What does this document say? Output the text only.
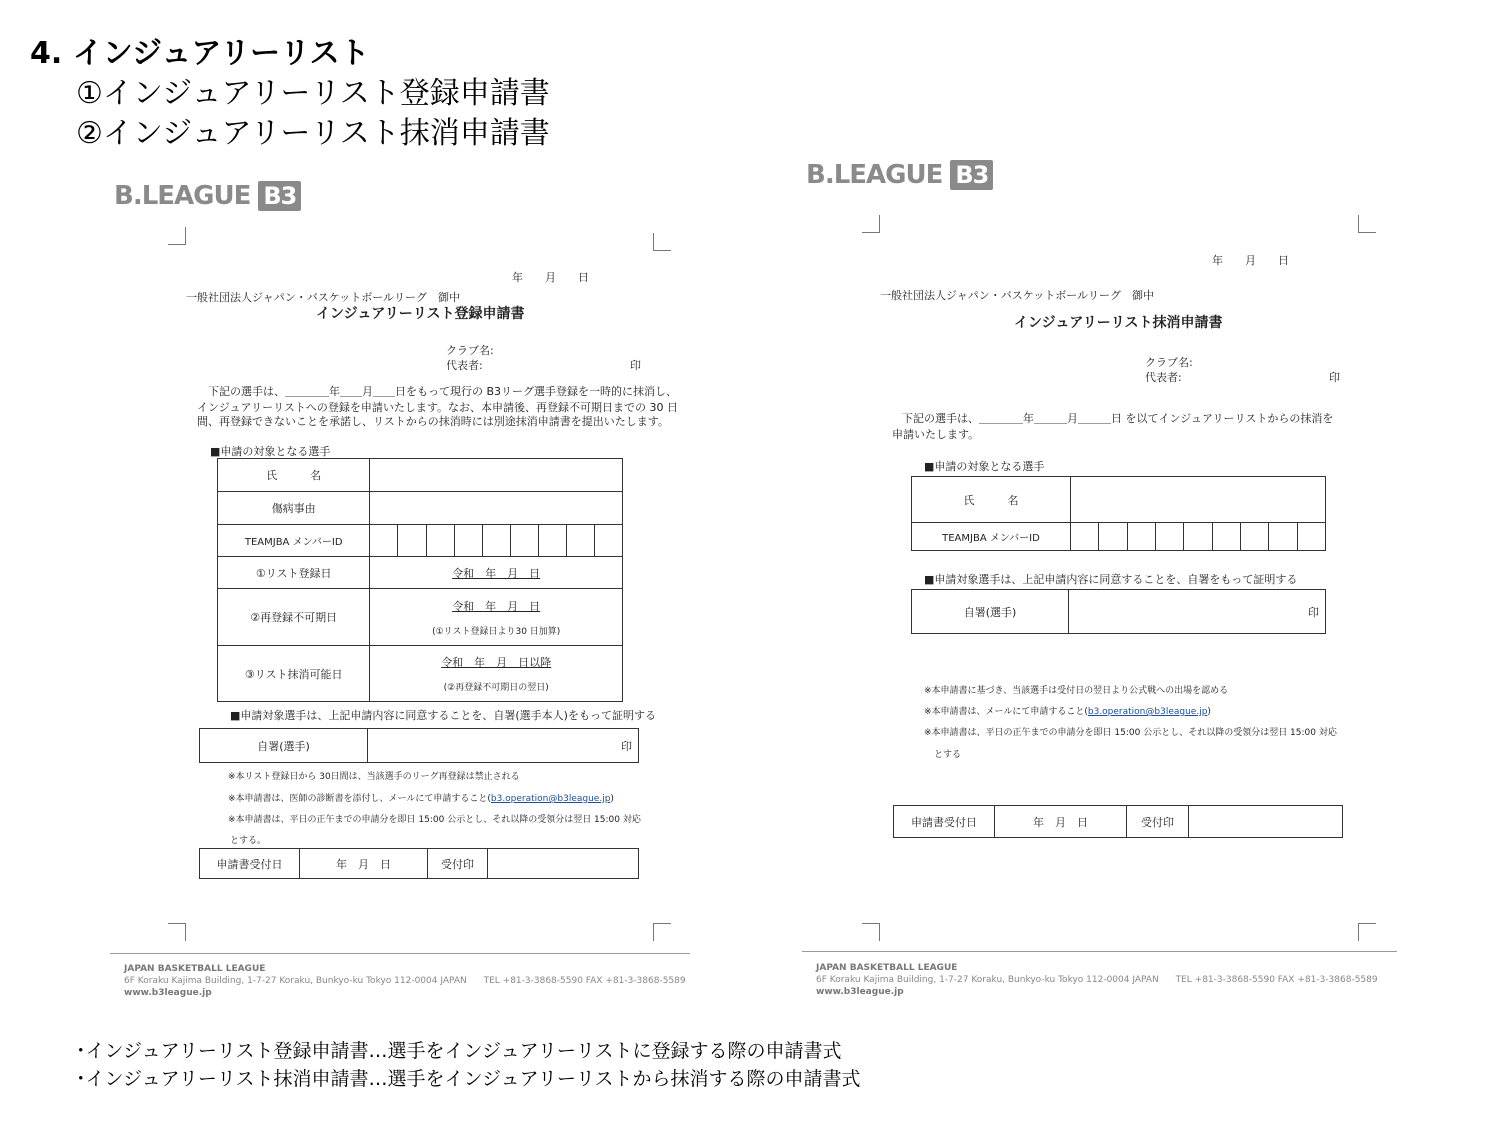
4. インジュアリーリスト
①インジュアリーリスト登録申請書
②インジュアリーリスト抹消申請書
B.LEAGUE B3
B.LEAGUE B3
年　　月　　日
一般社団法人ジャパン・バスケットボールリーグ　御中
インジュアリーリスト登録申請書
クラブ名:
代表者:	印
下記の選手は、＿＿＿＿年＿＿月＿＿日をもって現行の B3リーグ選手登録を一時的に抹消し、
インジュアリーリストへの登録を申請いたします。なお、本申請後、再登録不可期日までの 30 日
間、再登録できないことを承諾し、リストからの抹消時には別途抹消申請書を提出いたします。
■申請の対象となる選手
氏　　　名									
傷病事由									
TEAMJBA メンバーID									
①リスト登録日	令和　年　月　日								
②再登録不可期日	令和　年　月　日
(①リスト登録日より30 日加算)								

③リスト抹消可能日	令和　年　月　日以降
(②再登録不可期日の翌日)								
■申請対象選手は、上記申請内容に同意することを、自署(選手本人)をもって証明する
自署(選手)	印
※本リスト登録日から 30日間は、当該選手のリーグ再登録は禁止される
※本申請書は、医師の診断書を添付し、メールにて申請すること(b3.operation@b3league.jp)
※本申請書は、平日の正午までの申請分を即日 15:00 公示とし、それ以降の受領分は翌日 15:00 対応
とする。
申請書受付日	年　月　日	受付印	
JAPAN BASKETBALL LEAGUE
6F Koraku Kajima Building, 1-7-27 Koraku, Bunkyo-ku Tokyo 112-0004 JAPAN TEL +81-3-3868-5590 FAX +81-3-3868-5589
www.b3league.jp
年　　月　　日
一般社団法人ジャパン・バスケットボールリーグ　御中
インジュアリーリスト抹消申請書
クラブ名:
代表者:	印
下記の選手は、＿＿＿＿年＿＿＿月＿＿＿日 を以てインジュアリーリストからの抹消を
申請いたします。
■申請の対象となる選手
氏　　　名									
TEAMJBA メンバーID									
■申請対象選手は、上記申請内容に同意することを、自署をもって証明する
自署(選手)	印
※本申請書に基づき、当該選手は受付日の翌日より公式戦への出場を認める
※本申請書は、メールにて申請すること(b3.operation@b3league.jp)
※本申請書は、平日の正午までの申請分を即日 15:00 公示とし、それ以降の受領分は翌日 15:00 対応
とする
申請書受付日	年　月　日	受付印	
JAPAN BASKETBALL LEAGUE
6F Koraku Kajima Building, 1-7-27 Koraku, Bunkyo-ku Tokyo 112-0004 JAPAN TEL +81-3-3868-5590 FAX +81-3-3868-5589
www.b3league.jp
･インジュアリーリスト登録申請書…選手をインジュアリーリストに登録する際の申請書式
･インジュアリーリスト抹消申請書…選手をインジュアリーリストから抹消する際の申請書式
